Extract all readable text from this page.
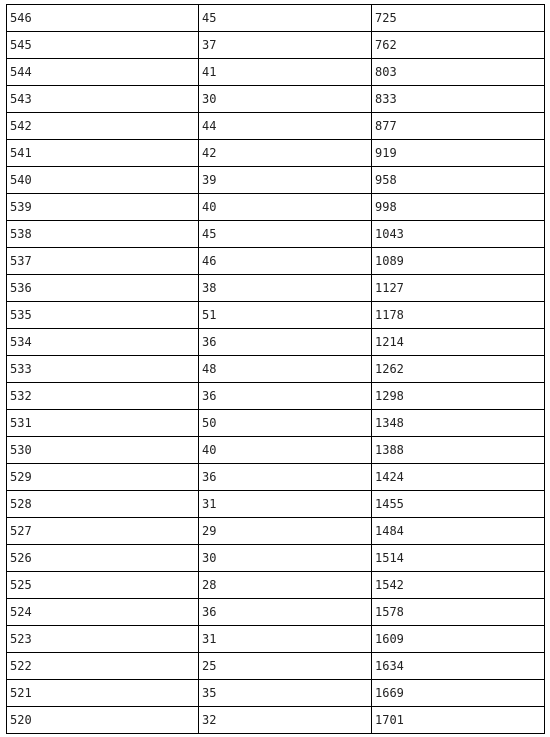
546	45	725
545	37	762
544	41	803
543	30	833
542	44	877
541	42	919
540	39	958
539	40	998
538	45	1043
537	46	1089
536	38	1127
535	51	1178
534	36	1214
533	48	1262
532	36	1298
531	50	1348
530	40	1388
529	36	1424
528	31	1455
527	29	1484
526	30	1514
525	28	1542
524	36	1578
523	31	1609
522	25	1634
521	35	1669
520	32	1701
